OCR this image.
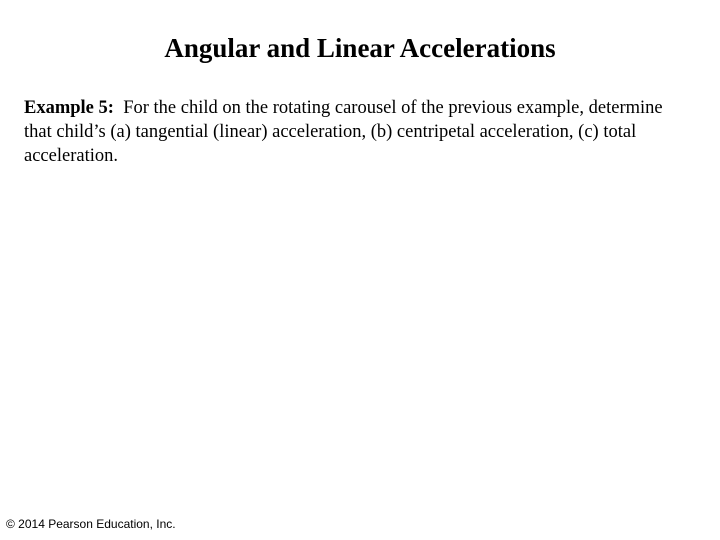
Angular and Linear Accelerations

Example 5: For the child on the rotating carousel of the previous example, determine that child’s (a) tangential (linear) acceleration, (b) centripetal acceleration, (c) total acceleration.

© 2014 Pearson Education, Inc.
